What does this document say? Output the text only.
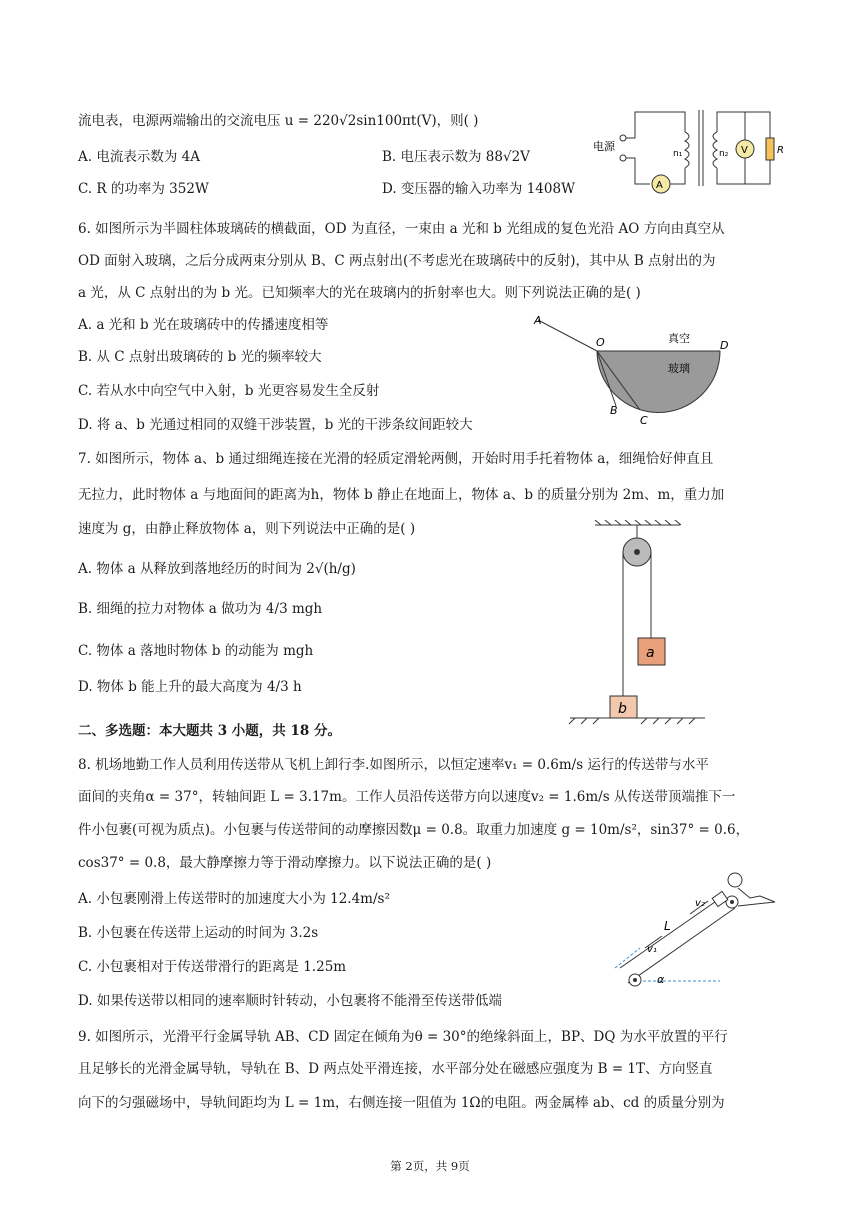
流电表，电源两端输出的交流电压 u = 220√2sin100πt(V)，则( )
A. 电流表示数为 4A	B. 电压表示数为 88√2V
C. R 的功率为 352W	D. 变压器的输入功率为 1408W
电源
A
n₁	n₂ V	R
6. 如图所示为半圆柱体玻璃砖的横截面，OD 为直径，一束由 a 光和 b 光组成的复色光沿 AO 方向由真空从
OD 面射入玻璃，之后分成两束分别从 B、C 两点射出(不考虑光在玻璃砖中的反射)，其中从 B 点射出的为
a 光，从 C 点射出的为 b 光。已知频率大的光在玻璃内的折射率也大。则下列说法正确的是( )
A. a 光和 b 光在玻璃砖中的传播速度相等
B. 从 C 点射出玻璃砖的 b 光的频率较大
C. 若从水中向空气中入射，b 光更容易发生全反射
D. 将 a、b 光通过相同的双缝干涉装置，b 光的干涉条纹间距较大
A
O	D
B
C
真空
玻璃
7. 如图所示，物体 a、b 通过细绳连接在光滑的轻质定滑轮两侧，开始时用手托着物体 a，细绳恰好伸直且
无拉力，此时物体 a 与地面间的距离为h，物体 b 静止在地面上，物体 a、b 的质量分别为 2m、m，重力加
速度为 g，由静止释放物体 a，则下列说法中正确的是( )
A. 物体 a 从释放到落地经历的时间为 2√(h/g)
B. 细绳的拉力对物体 a 做功为 4/3 mgh
C. 物体 a 落地时物体 b 的动能为 mgh
D. 物体 b 能上升的最大高度为 4/3 h
a
b
二、多选题：本大题共 3 小题，共 18 分。
8. 机场地勤工作人员利用传送带从飞机上卸行李.如图所示，以恒定速率v₁ = 0.6m/s 运行的传送带与水平
面间的夹角α = 37°，转轴间距 L = 3.17m。工作人员沿传送带方向以速度v₂ = 1.6m/s 从传送带顶端推下一
件小包裹(可视为质点)。小包裹与传送带间的动摩擦因数μ = 0.8。取重力加速度 g = 10m/s²，sin37° = 0.6，
cos37° = 0.8，最大静摩擦力等于滑动摩擦力。以下说法正确的是( )
A. 小包裹刚滑上传送带时的加速度大小为 12.4m/s²
B. 小包裹在传送带上运动的时间为 3.2s
C. 小包裹相对于传送带滑行的距离是 1.25m
D. 如果传送带以相同的速率顺时针转动，小包裹将不能滑至传送带低端
v₂
v₁
L
α
9. 如图所示，光滑平行金属导轨 AB、CD 固定在倾角为θ = 30°的绝缘斜面上，BP、DQ 为水平放置的平行
且足够长的光滑金属导轨，导轨在 B、D 两点处平滑连接，水平部分处在磁感应强度为 B = 1T、方向竖直
向下的匀强磁场中，导轨间距均为 L = 1m，右侧连接一阻值为 1Ω的电阻。两金属棒 ab、cd 的质量分别为
第 2页，共 9页
